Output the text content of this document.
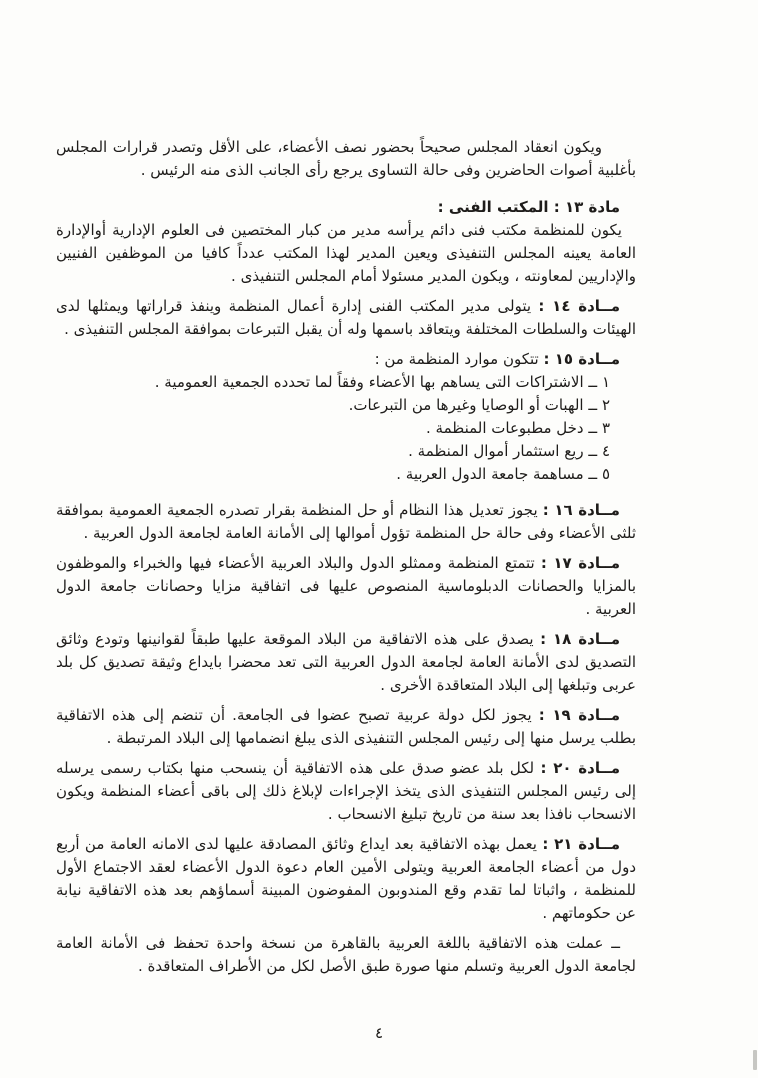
ويكون انعقاد المجلس صحيحاً بحضور نصف الأعضاء، على الأقل وتصدر قرارات المجلس بأغلبية أصوات الحاضرين وفى حالة التساوى يرجع رأى الجانب الذى منه الرئيس .

مادة ١٣ : المكتب الفنى :

يكون للمنظمة مكتب فنى دائم يرأسه مدير من كبار المختصين فى العلوم الإدارية أوالإدارة العامة يعينه المجلس التنفيذى ويعين المدير لهذا المكتب عدداً كافيا من الموظفين الفنيين والإداريين لمعاونته ، ويكون المدير مسئولا أمام المجلس التنفيذى .

مــادة ١٤ : يتولى مدير المكتب الفنى إدارة أعمال المنظمة وينفذ قراراتها ويمثلها لدى الهيئات والسلطات المختلفة ويتعاقد باسمها وله أن يقبل التبرعات بموافقة المجلس التنفيذى .

مــادة ١٥ : تتكون موارد المنظمة من :

١ ــ الاشتراكات التى يساهم بها الأعضاء وفقاً لما تحدده الجمعية العمومية .
٢ ــ الهبات أو الوصايا وغيرها من التبرعات.
٣ ــ دخل مطبوعات المنظمة .
٤ ــ ريع استثمار أموال المنظمة .
٥ ــ مساهمة جامعة الدول العربية .

مــادة ١٦ : يجوز تعديل هذا النظام أو حل المنظمة بقرار تصدره الجمعية العمومية بموافقة ثلثى الأعضاء وفى حالة حل المنظمة تؤول أموالها إلى الأمانة العامة لجامعة الدول العربية .

مــادة ١٧ : تتمتع المنظمة وممثلو الدول والبلاد العربية الأعضاء فيها والخبراء والموظفون بالمزايا والحصانات الدبلوماسية المنصوص عليها فى اتفاقية مزايا وحصانات جامعة الدول العربية .

مــادة ١٨ : يصدق على هذه الاتفاقية من البلاد الموقعة عليها طبقاً لقوانينها وتودع وثائق التصديق لدى الأمانة العامة لجامعة الدول العربية التى تعد محضرا بايداع وثيقة تصديق كل بلد عربى وتبلغها إلى البلاد المتعاقدة الأخرى .

مــادة ١٩ : يجوز لكل دولة عربية تصبح عضوا فى الجامعة. أن تنضم إلى هذه الاتفاقية بطلب يرسل منها إلى رئيس المجلس التنفيذى الذى يبلغ انضمامها إلى البلاد المرتبطة .

مــادة ٢٠ : لكل بلد عضو صدق على هذه الاتفاقية أن ينسحب منها بكتاب رسمى يرسله إلى رئيس المجلس التنفيذى الذى يتخذ الإجراءات لإبلاغ ذلك إلى باقى أعضاء المنظمة ويكون الانسحاب نافذا بعد سنة من تاريخ تبليغ الانسحاب .

مــادة ٢١ : يعمل بهذه الاتفاقية بعد ايداع وثائق المصادقة عليها لدى الامانه العامة من أربع دول من أعضاء الجامعة العربية ويتولى الأمين العام دعوة الدول الأعضاء لعقد الاجتماع الأول للمنظمة ، واثباتا لما تقدم وقع المندوبون المفوضون المبينة أسماؤهم بعد هذه الاتفاقية نيابة عن حكوماتهم .

ــ عملت هذه الاتفاقية باللغة العربية بالقاهرة من نسخة واحدة تحفظ فى الأمانة العامة لجامعة الدول العربية وتسلم منها صورة طبق الأصل لكل من الأطراف المتعاقدة .

٤
